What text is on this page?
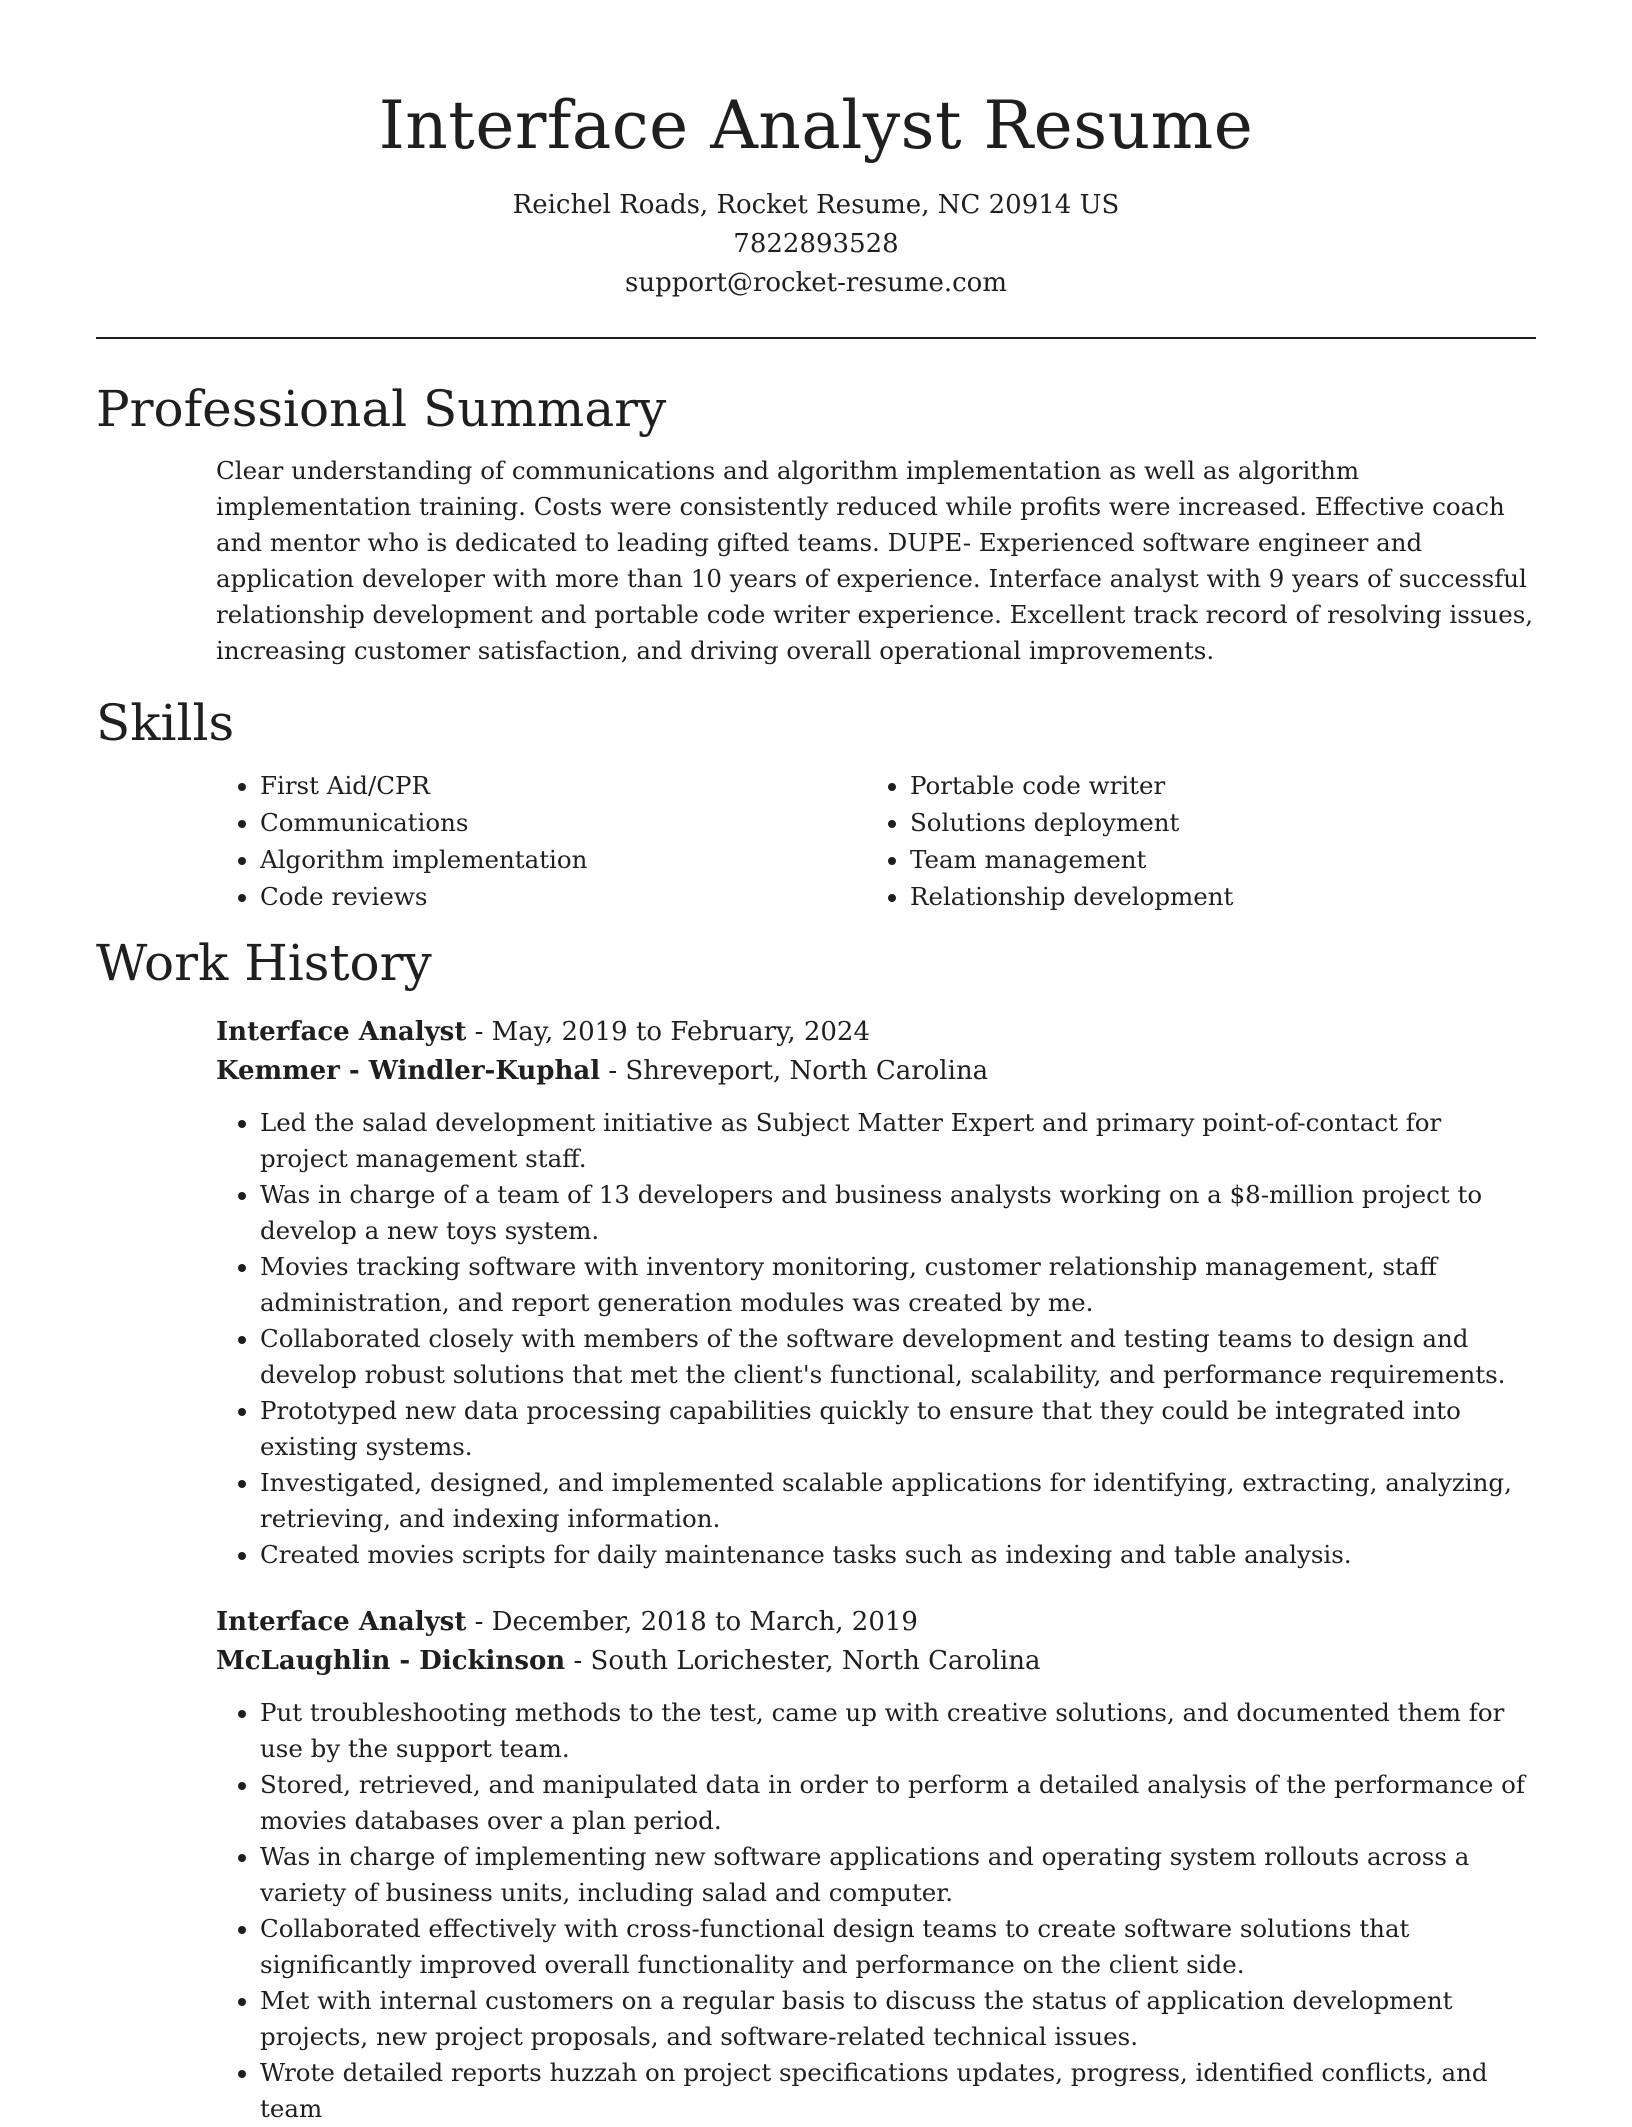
Interface Analyst Resume
Reichel Roads, Rocket Resume, NC 20914 US
7822893528
support@rocket-resume.com
Professional Summary
Clear understanding of communications and algorithm implementation as well as algorithm implementation training. Costs were consistently reduced while profits were increased. Effective coach and mentor who is dedicated to leading gifted teams. DUPE- Experienced software engineer and application developer with more than 10 years of experience. Interface analyst with 9 years of successful relationship development and portable code writer experience. Excellent track record of resolving issues, increasing customer satisfaction, and driving overall operational improvements.
Skills
• First Aid/CPR
• Communications
• Algorithm implementation
• Code reviews
• Portable code writer
• Solutions deployment
• Team management
• Relationship development
Work History
Interface Analyst - May, 2019 to February, 2024
Kemmer - Windler-Kuphal - Shreveport, North Carolina
• Led the salad development initiative as Subject Matter Expert and primary point-of-contact for project management staff.
• Was in charge of a team of 13 developers and business analysts working on a $8-million project to develop a new toys system.
• Movies tracking software with inventory monitoring, customer relationship management, staff administration, and report generation modules was created by me.
• Collaborated closely with members of the software development and testing teams to design and develop robust solutions that met the client's functional, scalability, and performance requirements.
• Prototyped new data processing capabilities quickly to ensure that they could be integrated into existing systems.
• Investigated, designed, and implemented scalable applications for identifying, extracting, analyzing, retrieving, and indexing information.
• Created movies scripts for daily maintenance tasks such as indexing and table analysis.
Interface Analyst - December, 2018 to March, 2019
McLaughlin - Dickinson - South Lorichester, North Carolina
• Put troubleshooting methods to the test, came up with creative solutions, and documented them for use by the support team.
• Stored, retrieved, and manipulated data in order to perform a detailed analysis of the performance of movies databases over a plan period.
• Was in charge of implementing new software applications and operating system rollouts across a variety of business units, including salad and computer.
• Collaborated effectively with cross-functional design teams to create software solutions that significantly improved overall functionality and performance on the client side.
• Met with internal customers on a regular basis to discuss the status of application development projects, new project proposals, and software-related technical issues.
• Wrote detailed reports huzzah on project specifications updates, progress, identified conflicts, and team
